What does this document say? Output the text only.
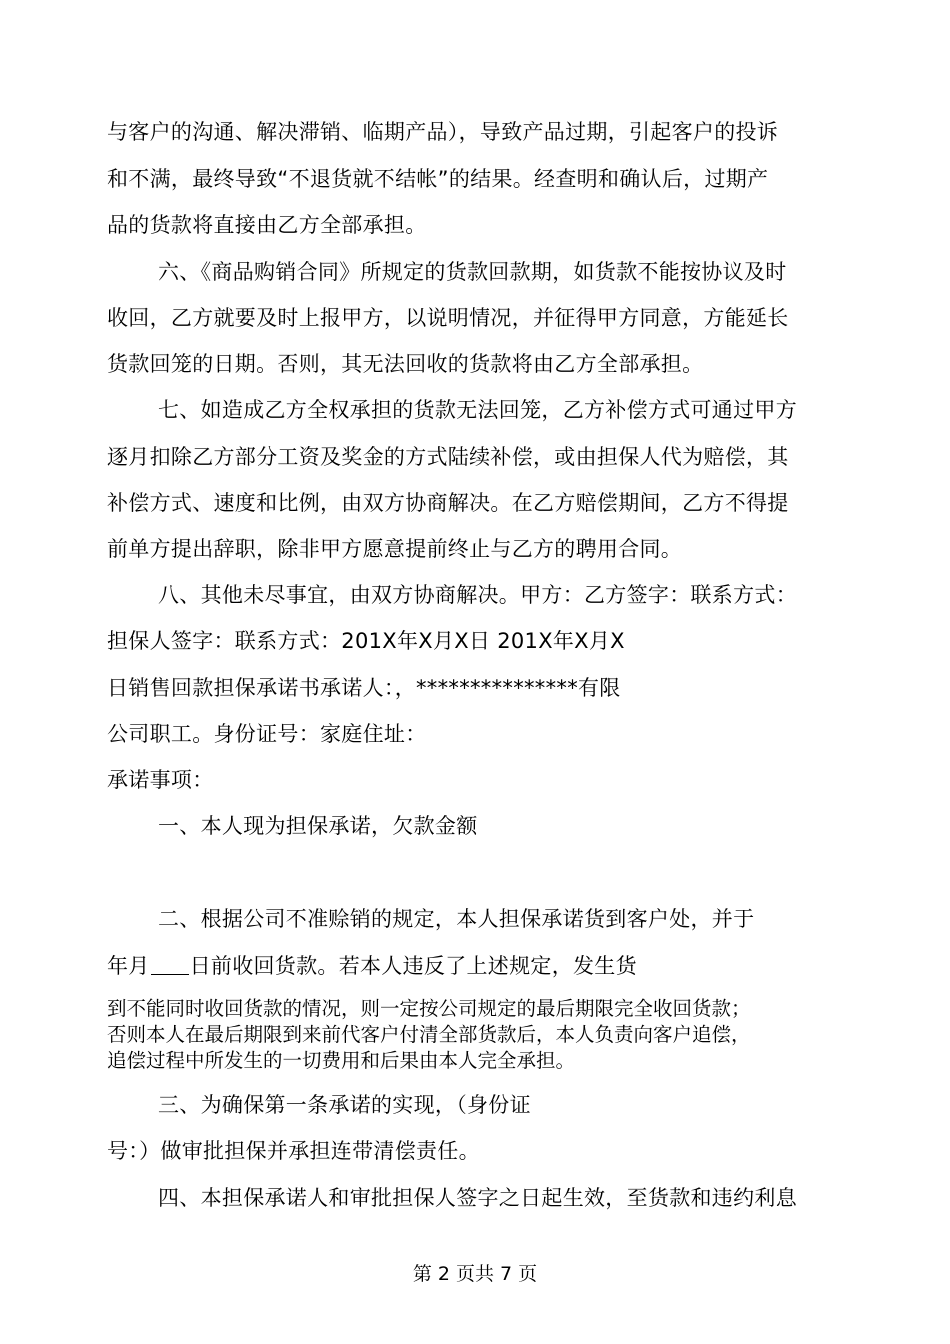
与客户的沟通、解决滞销、临期产品），导致产品过期，引起客户的投诉
和不满，最终导致“不退货就不结帐”的结果。经查明和确认后，过期产
品的货款将直接由乙方全部承担。
六、《商品购销合同》所规定的货款回款期，如货款不能按协议及时
收回，乙方就要及时上报甲方，以说明情况，并征得甲方同意，方能延长
货款回笼的日期。否则，其无法回收的货款将由乙方全部承担。
七、如造成乙方全权承担的货款无法回笼，乙方补偿方式可通过甲方
逐月扣除乙方部分工资及奖金的方式陆续补偿，或由担保人代为赔偿，其
补偿方式、速度和比例，由双方协商解决。在乙方赔偿期间，乙方不得提
前单方提出辞职，除非甲方愿意提前终止与乙方的聘用合同。
八、其他未尽事宜，由双方协商解决。甲方：乙方签字：联系方式：
担保人签字：联系方式：201X年X月X日 201X年X月X
日销售回款担保承诺书承诺人：，***************有限
公司职工。身份证号：家庭住址：
承诺事项：
一、本人现为担保承诺，欠款金额
二、根据公司不准赊销的规定，本人担保承诺货到客户处，并于
年月 日前收回货款。若本人违反了上述规定，发生货
到不能同时收回货款的情况，则一定按公司规定的最后期限完全收回货款；
否则本人在最后期限到来前代客户付清全部货款后，本人负责向客户追偿，
追偿过程中所发生的一切费用和后果由本人完全承担。
三、为确保第一条承诺的实现，（身份证
号：）做审批担保并承担连带清偿责任。
四、本担保承诺人和审批担保人签字之日起生效，至货款和违约利息
第 2 页共 7 页
